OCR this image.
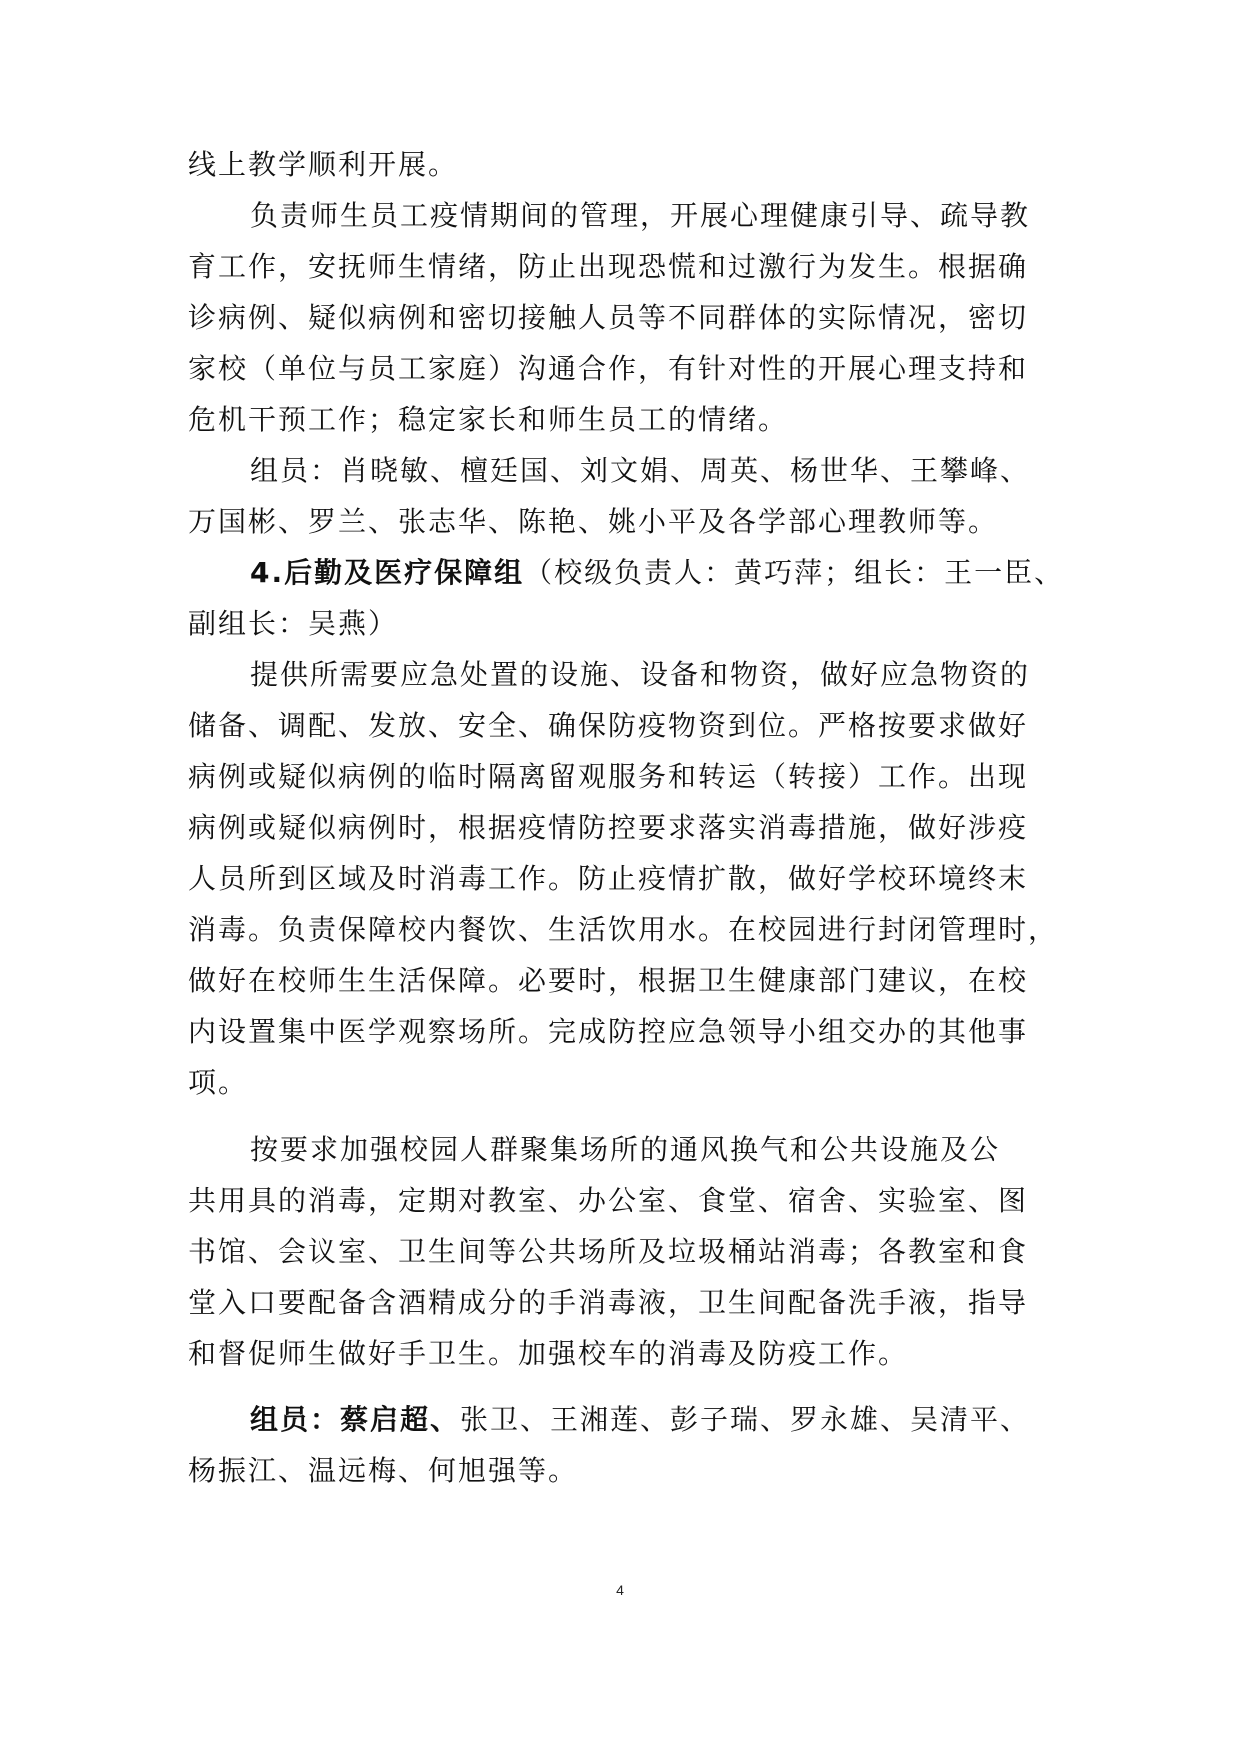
线上教学顺利开展。
负责师生员工疫情期间的管理，开展心理健康引导、疏导教
育工作，安抚师生情绪，防止出现恐慌和过激行为发生。根据确
诊病例、疑似病例和密切接触人员等不同群体的实际情况，密切
家校（单位与员工家庭）沟通合作，有针对性的开展心理支持和
危机干预工作；稳定家长和师生员工的情绪。
组员：肖晓敏、檀廷国、刘文娟、周英、杨世华、王攀峰、
万国彬、罗兰、张志华、陈艳、姚小平及各学部心理教师等。
4.后勤及医疗保障组（校级负责人：黄巧萍；组长：王一臣、
副组长：吴燕）
提供所需要应急处置的设施、设备和物资，做好应急物资的
储备、调配、发放、安全、确保防疫物资到位。严格按要求做好
病例或疑似病例的临时隔离留观服务和转运（转接）工作。出现
病例或疑似病例时，根据疫情防控要求落实消毒措施，做好涉疫
人员所到区域及时消毒工作。防止疫情扩散，做好学校环境终末
消毒。负责保障校内餐饮、生活饮用水。在校园进行封闭管理时，
做好在校师生生活保障。必要时，根据卫生健康部门建议，在校
内设置集中医学观察场所。完成防控应急领导小组交办的其他事
项。
按要求加强校园人群聚集场所的通风换气和公共设施及公
共用具的消毒，定期对教室、办公室、食堂、宿舍、实验室、图
书馆、会议室、卫生间等公共场所及垃圾桶站消毒；各教室和食
堂入口要配备含酒精成分的手消毒液，卫生间配备洗手液，指导
和督促师生做好手卫生。加强校车的消毒及防疫工作。
组员：蔡启超、张卫、王湘莲、彭子瑞、罗永雄、吴清平、
杨振江、温远梅、何旭强等。
4
